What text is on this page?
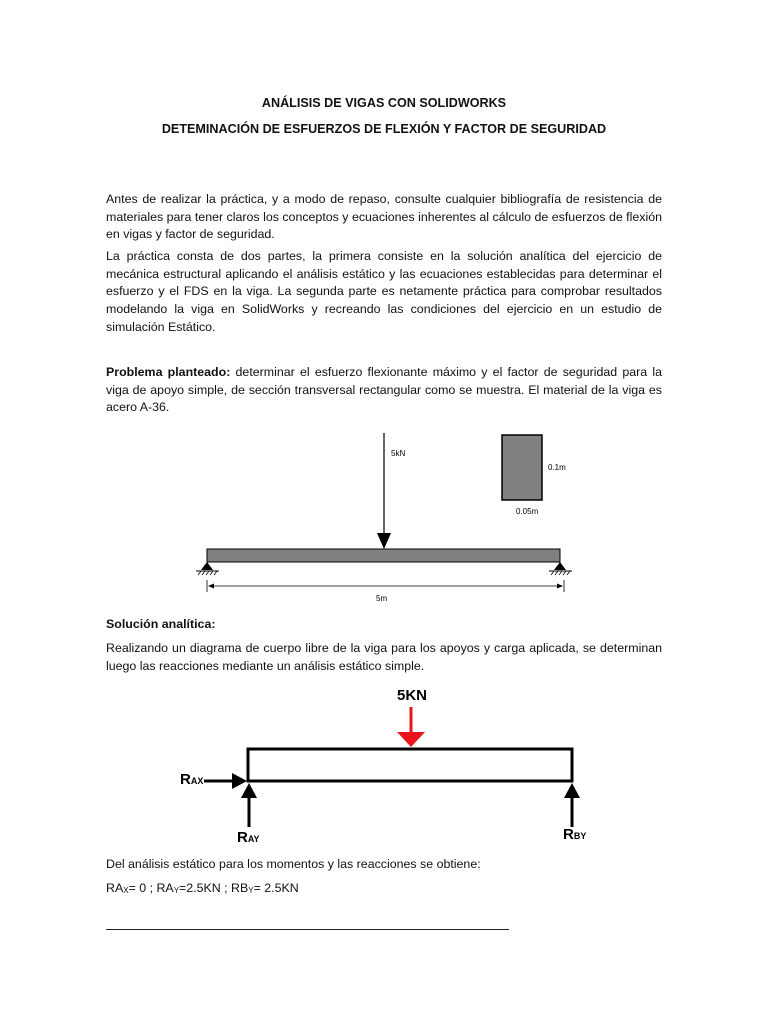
ANÁLISIS DE VIGAS CON SOLIDWORKS
DETEMINACIÓN DE ESFUERZOS DE FLEXIÓN Y FACTOR DE SEGURIDAD

Antes de realizar la práctica, y a modo de repaso, consulte cualquier bibliografía de resistencia de materiales para tener claros los conceptos y ecuaciones inherentes al cálculo de esfuerzos de flexión en vigas y factor de seguridad.

La práctica consta de dos partes, la primera consiste en la solución analítica del ejercicio de mecánica estructural aplicando el análisis estático y las ecuaciones establecidas para determinar el esfuerzo y el FDS en la viga. La segunda parte es netamente práctica para comprobar resultados modelando la viga en SolidWorks y recreando las condiciones del ejercicio en un estudio de simulación Estático.

Problema planteado: determinar el esfuerzo flexionante máximo y el factor de seguridad para la viga de apoyo simple, de sección transversal rectangular como se muestra. El material de la viga es acero A-36.

5kN
0.1m
0.05m
5m
Solución analítica:

Realizando un diagrama de cuerpo libre de la viga para los apoyos y carga aplicada, se determinan luego las reacciones mediante un análisis estático simple.

5KN
RAX
RAY	RBY
Del análisis estático para los momentos y las reacciones se obtiene:
$RA_X= 0$ ; $RA_Y=2.5KN$ ; $RB_Y= 2.5KN$
